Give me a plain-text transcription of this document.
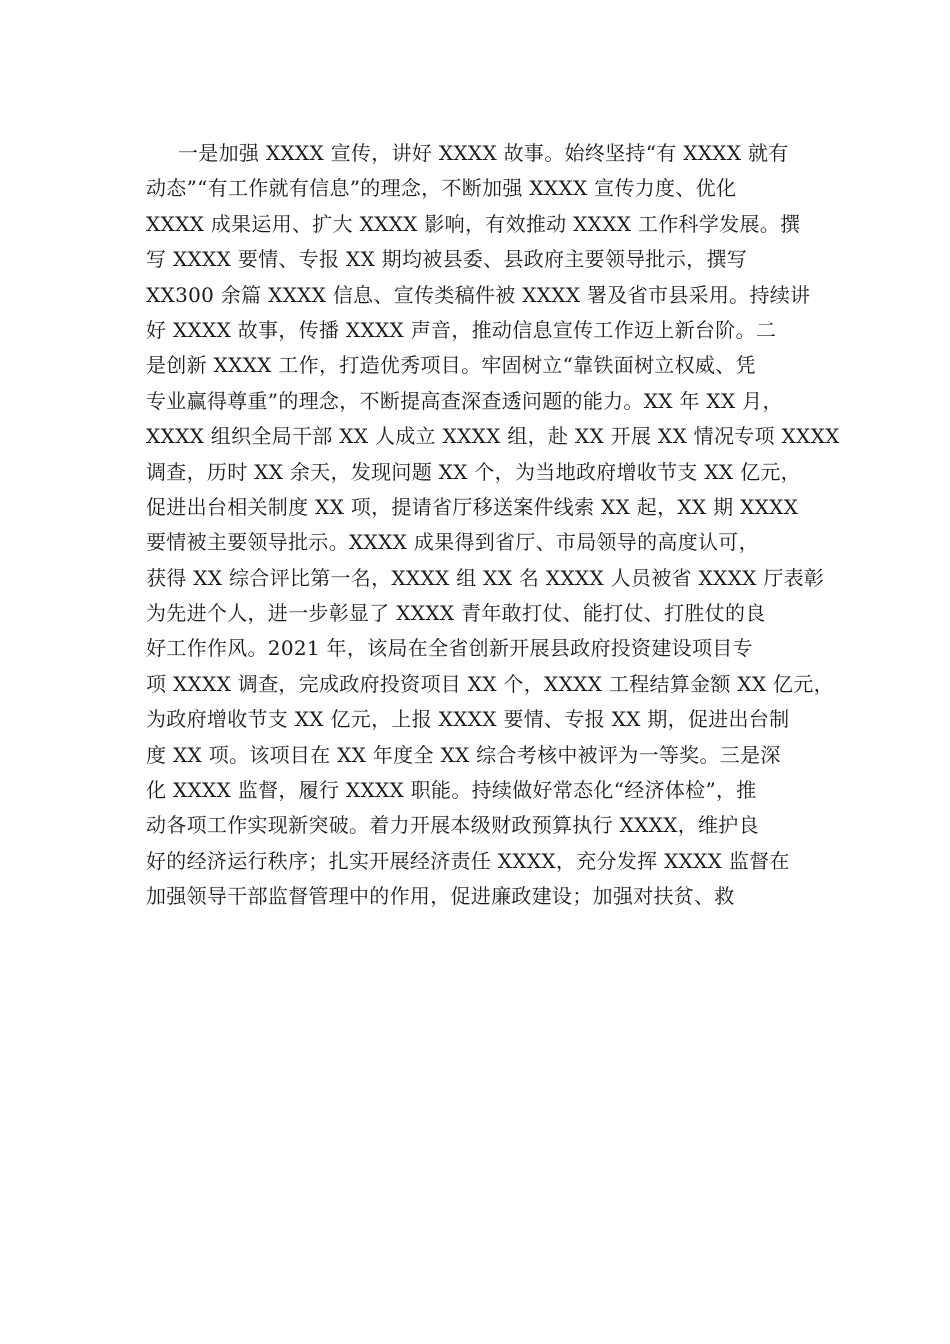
一是加强 XXXX 宣传，讲好 XXXX 故事。始终坚持“有 XXXX 就有
动态”“有工作就有信息”的理念，不断加强 XXXX 宣传力度、优化
XXXX 成果运用、扩大 XXXX 影响，有效推动 XXXX 工作科学发展。撰
写 XXXX 要情、专报 XX 期均被县委、县政府主要领导批示，撰写
XX300 余篇 XXXX 信息、宣传类稿件被 XXXX 署及省市县采用。持续讲
好 XXXX 故事，传播 XXXX 声音，推动信息宣传工作迈上新台阶。二
是创新 XXXX 工作，打造优秀项目。牢固树立“靠铁面树立权威、凭
专业赢得尊重”的理念，不断提高查深查透问题的能力。XX 年 XX 月，
XXXX 组织全局干部 XX 人成立 XXXX 组，赴 XX 开展 XX 情况专项 XXXX
调查，历时 XX 余天，发现问题 XX 个，为当地政府增收节支 XX 亿元，
促进出台相关制度 XX 项，提请省厅移送案件线索 XX 起，XX 期 XXXX
要情被主要领导批示。XXXX 成果得到省厅、市局领导的高度认可，
获得 XX 综合评比第一名，XXXX 组 XX 名 XXXX 人员被省 XXXX 厅表彰
为先进个人，进一步彰显了 XXXX 青年敢打仗、能打仗、打胜仗的良
好工作作风。2021 年，该局在全省创新开展县政府投资建设项目专
项 XXXX 调查，完成政府投资项目 XX 个，XXXX 工程结算金额 XX 亿元，
为政府增收节支 XX 亿元，上报 XXXX 要情、专报 XX 期，促进出台制
度 XX 项。该项目在 XX 年度全 XX 综合考核中被评为一等奖。三是深
化 XXXX 监督，履行 XXXX 职能。持续做好常态化“经济体检”，推
动各项工作实现新突破。着力开展本级财政预算执行 XXXX，维护良
好的经济运行秩序；扎实开展经济责任 XXXX，充分发挥 XXXX 监督在
加强领导干部监督管理中的作用，促进廉政建设；加强对扶贫、救
